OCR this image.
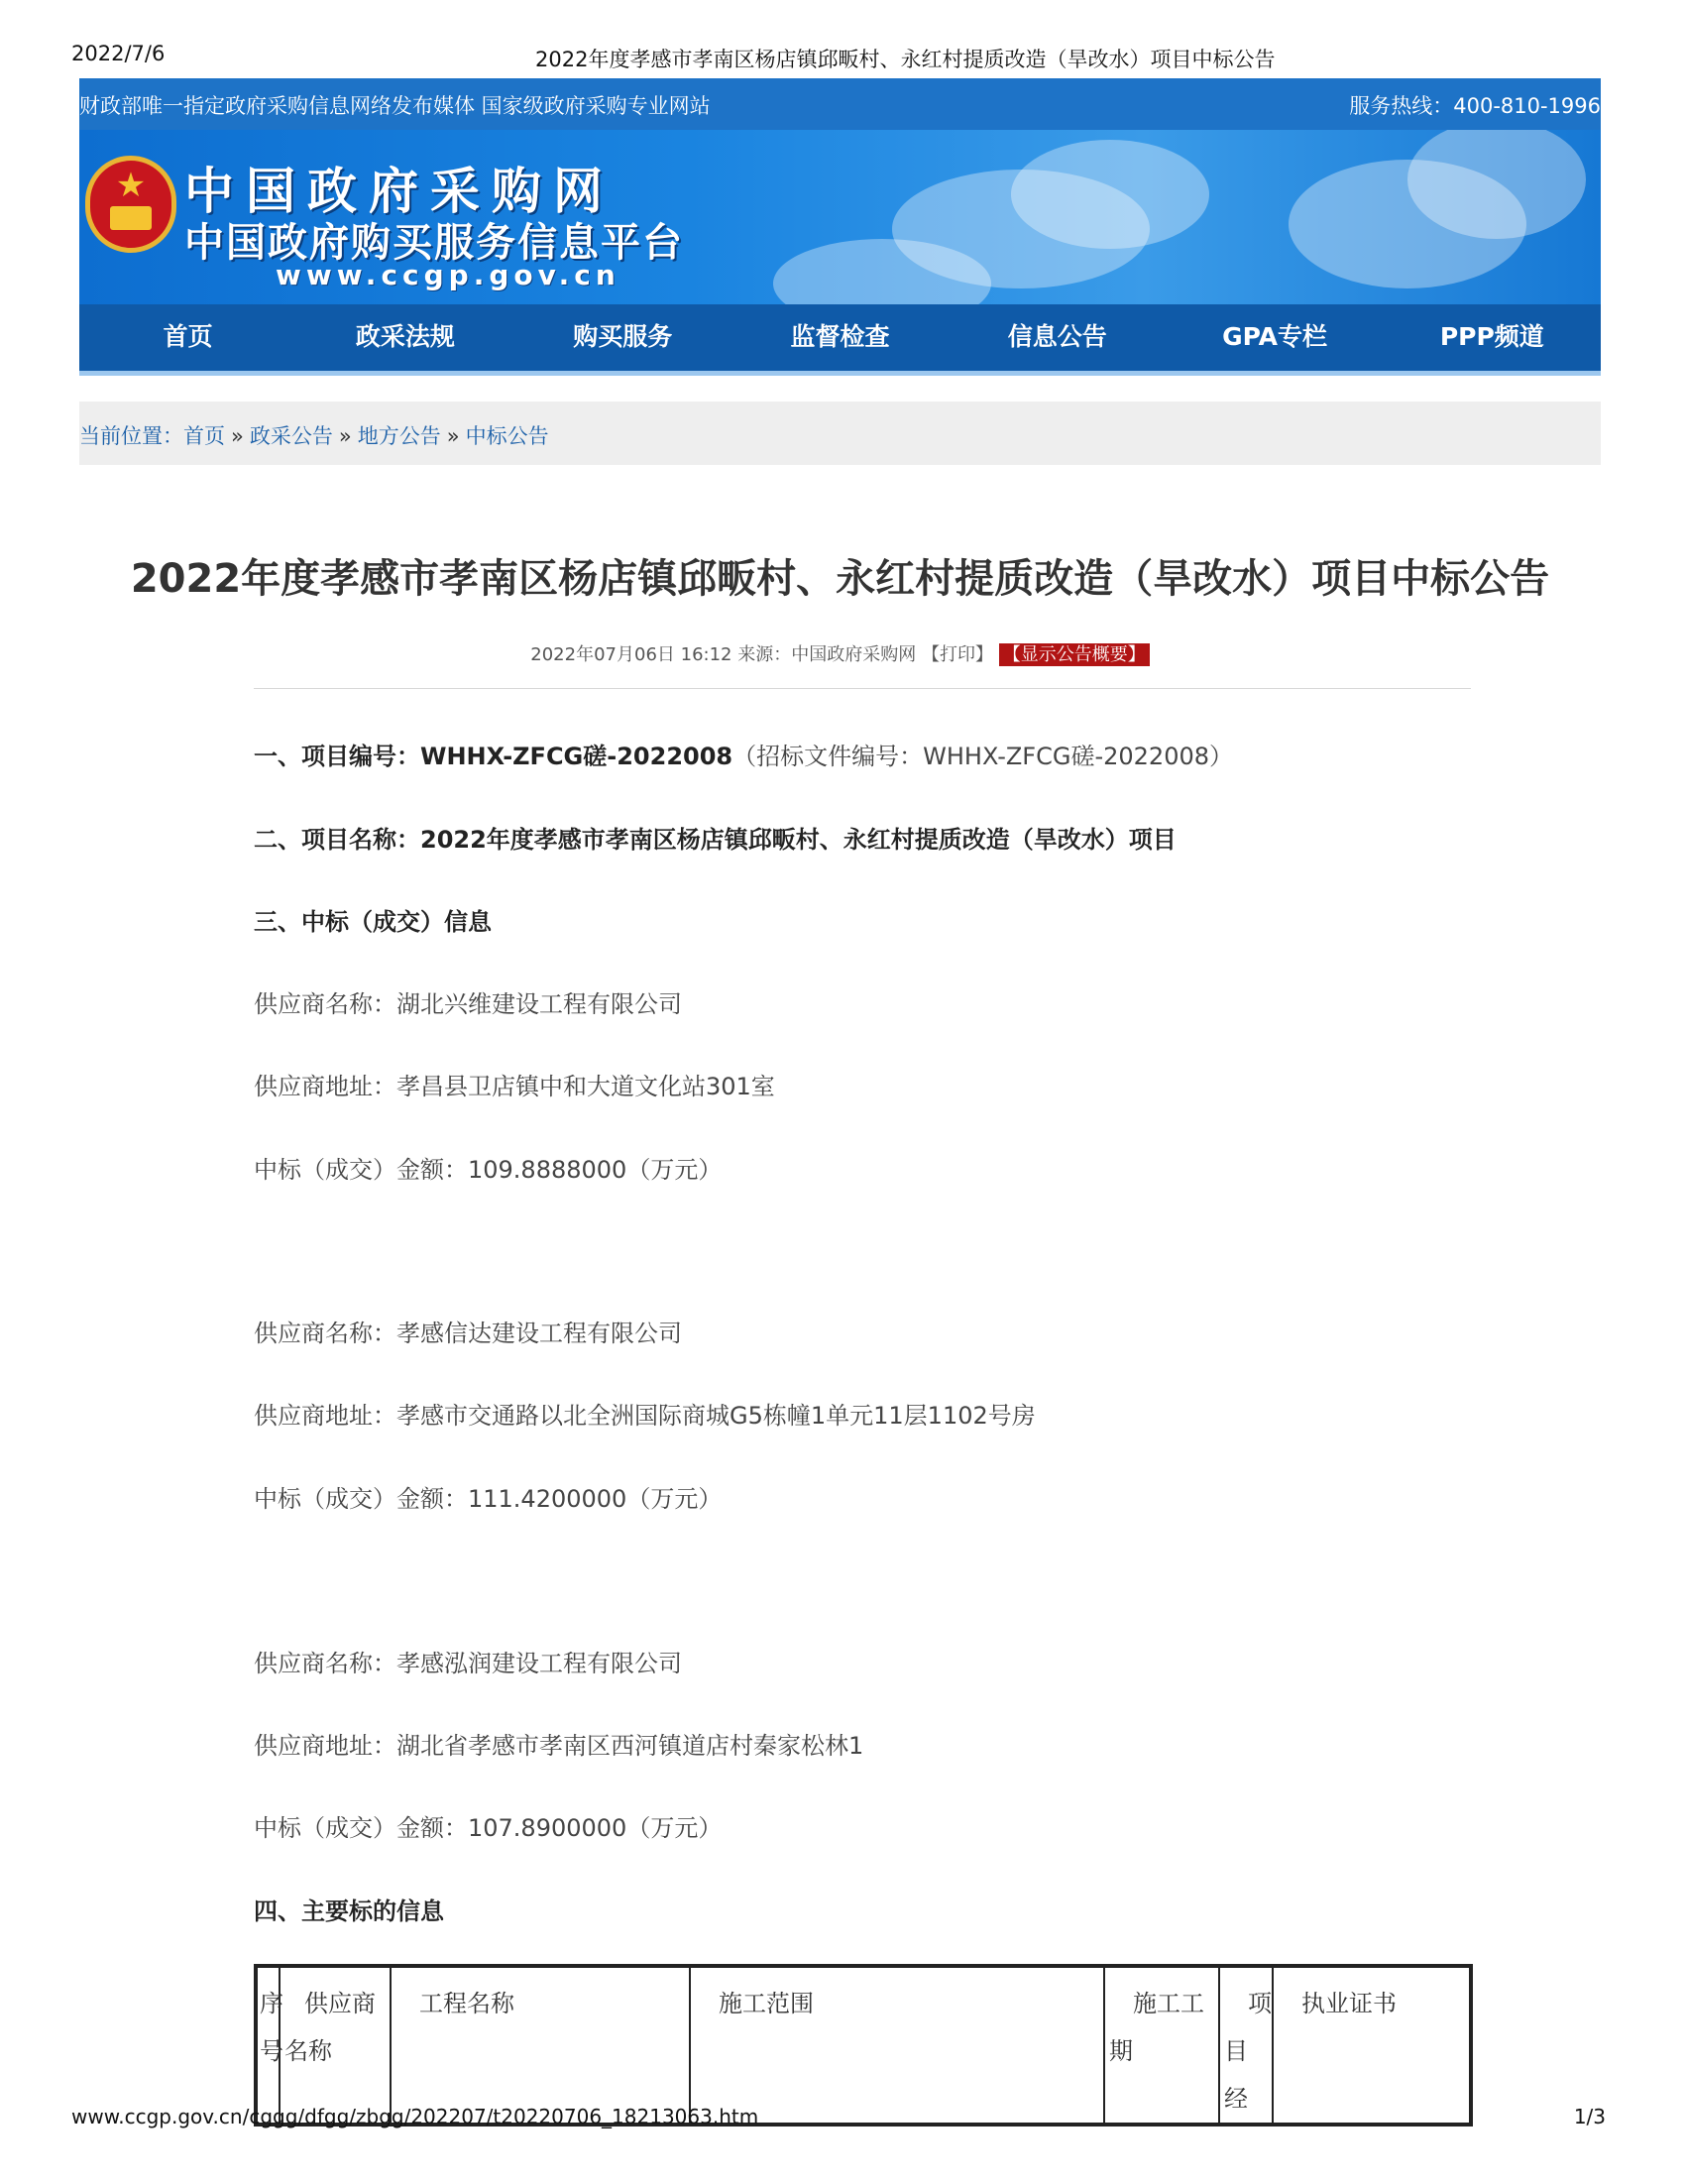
2022/7/6	2022年度孝感市孝南区杨店镇邱畈村、永红村提质改造（旱改水）项目中标公告
财政部唯一指定政府采购信息网络发布媒体 国家级政府采购专业网站	服务热线：400-810-1996
★ 中国政府采购网
中国政府购买服务信息平台
www.ccgp.gov.cn
首页	政采法规	购买服务	监督检查	信息公告	GPA专栏	PPP频道
当前位置：首页 » 政采公告 » 地方公告 » 中标公告
2022年度孝感市孝南区杨店镇邱畈村、永红村提质改造（旱改水）项目中标公告
2022年07月06日 16:12 来源：中国政府采购网 【打印】 【显示公告概要】
一、项目编号：WHHX-ZFCG磋-2022008（招标文件编号：WHHX-ZFCG磋-2022008）
二、项目名称：2022年度孝感市孝南区杨店镇邱畈村、永红村提质改造（旱改水）项目
三、中标（成交）信息
供应商名称：湖北兴维建设工程有限公司
供应商地址：孝昌县卫店镇中和大道文化站301室
中标（成交）金额：109.8888000（万元）
供应商名称：孝感信达建设工程有限公司
供应商地址：孝感市交通路以北全洲国际商城G5栋幢1单元11层1102号房
中标（成交）金额：111.4200000（万元）
供应商名称：孝感泓润建设工程有限公司
供应商地址：湖北省孝感市孝南区西河镇道店村秦家松林1
中标（成交）金额：107.8900000（万元）
四、主要标的信息
序号	供应商名称	工程名称	施工范围	施工工期	项目经	执业证书
www.ccgp.gov.cn/cggg/dfgg/zbgg/202207/t20220706_18213063.htm	1/3
